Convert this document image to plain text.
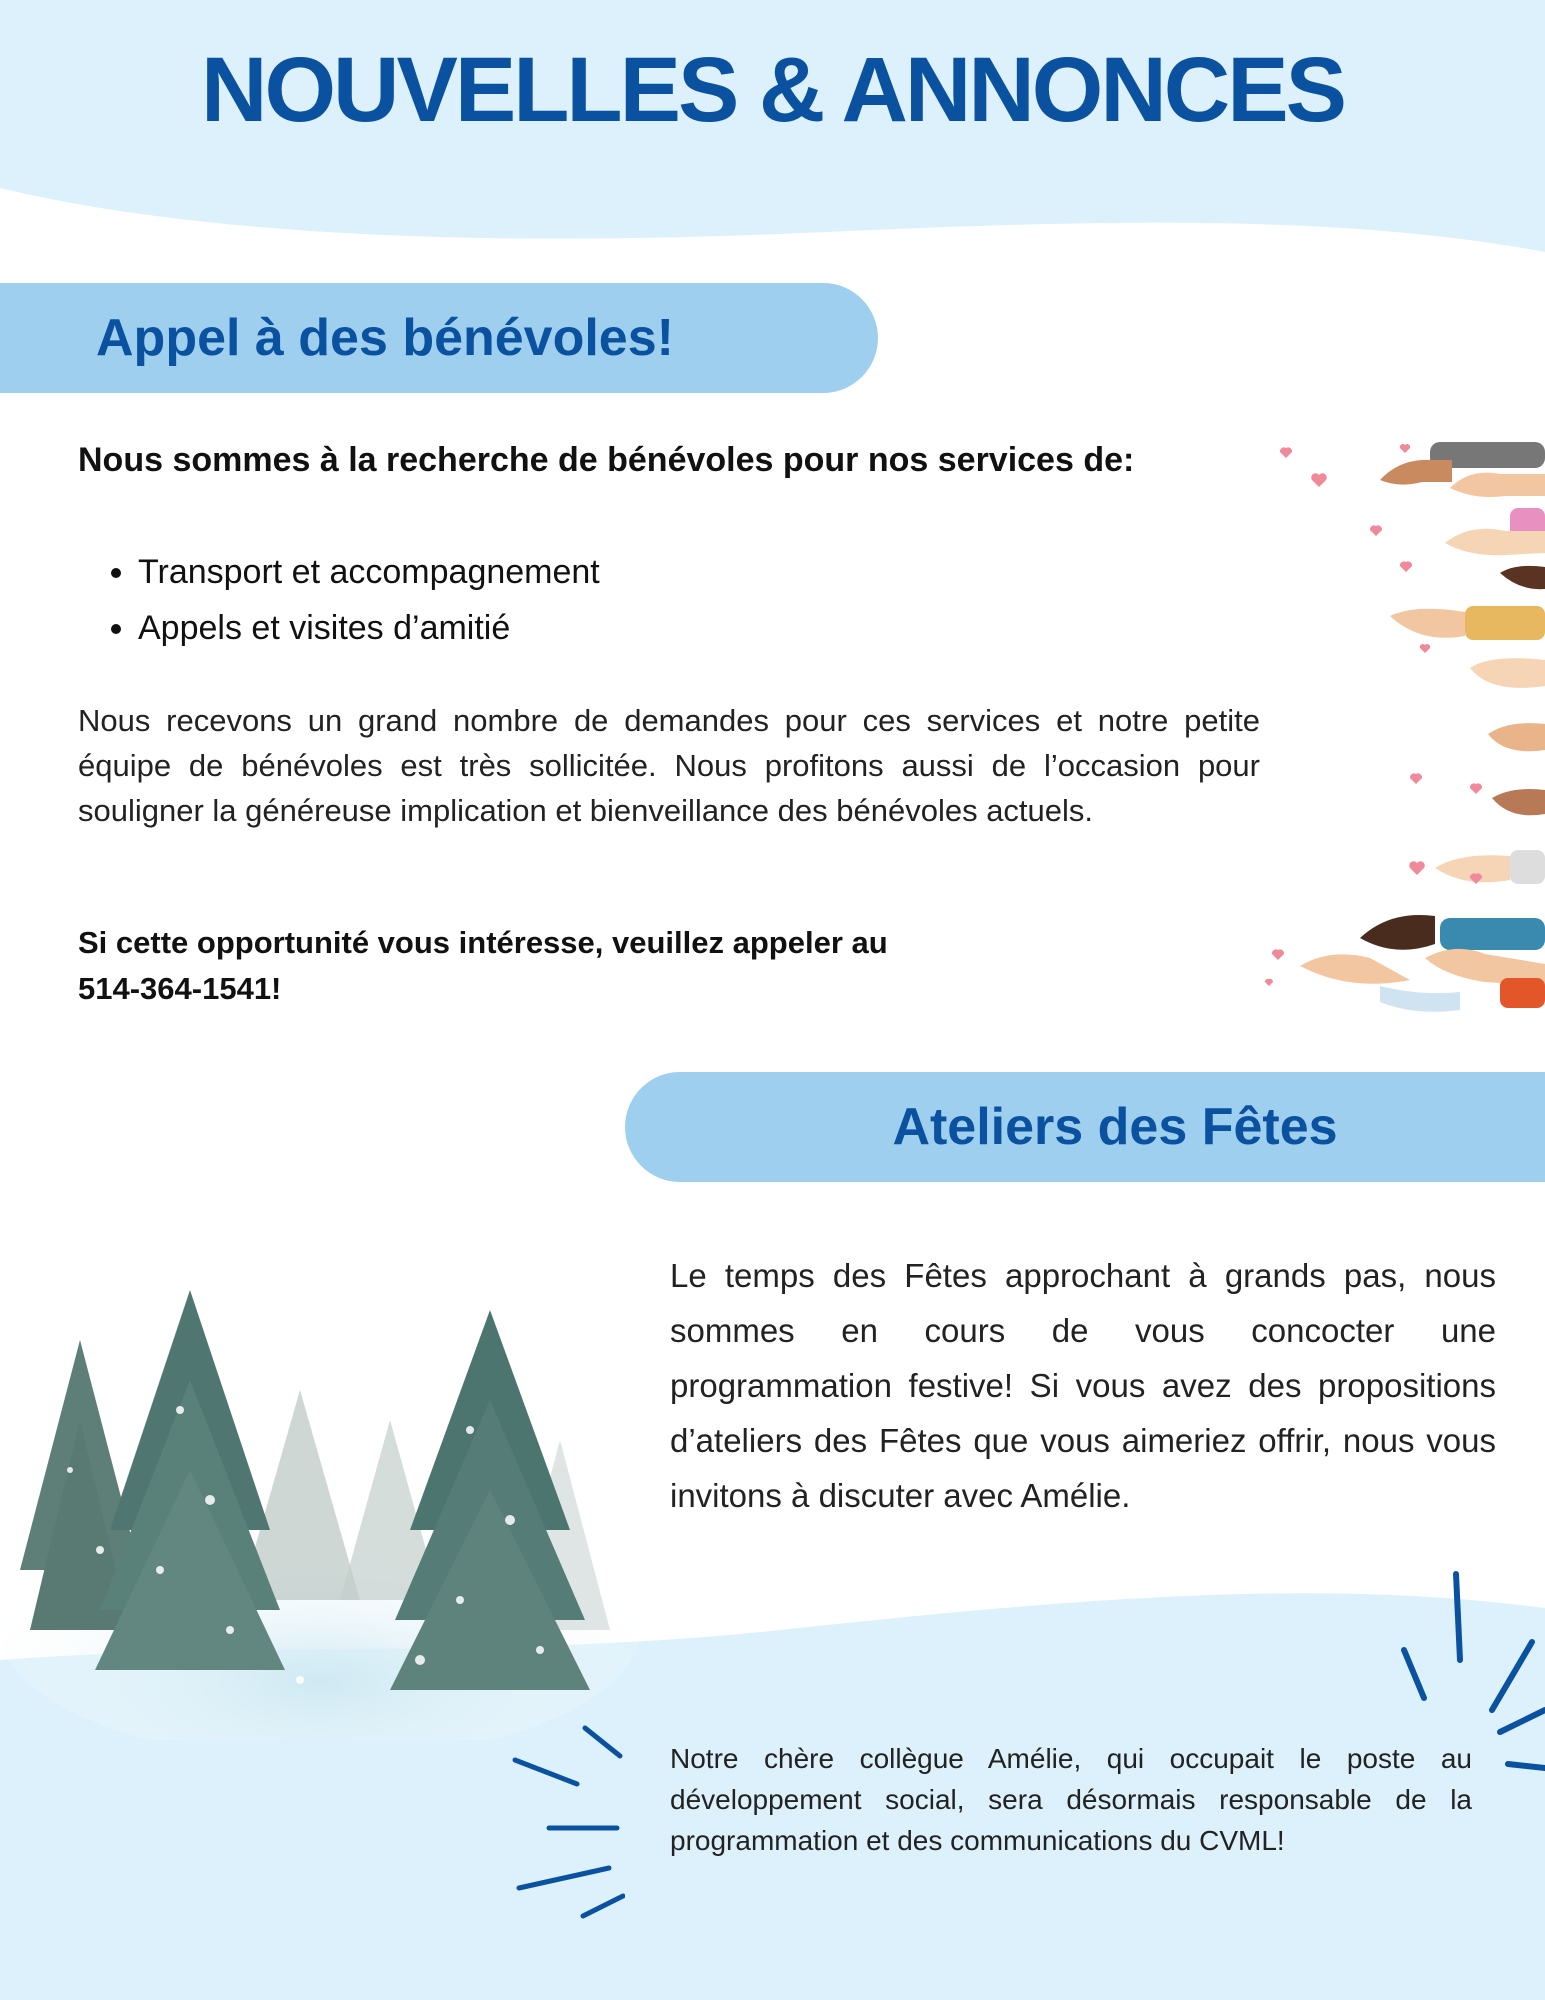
NOUVELLES & ANNONCES
Appel à des bénévoles!

Nous sommes à la recherche de bénévoles pour nos services de:

• Transport et accompagnement
• Appels et visites d’amitié

Nous recevons un grand nombre de demandes pour ces services et notre petite équipe de bénévoles est très sollicitée. Nous profitons aussi de l’occasion pour souligner la généreuse implication et bienveillance des bénévoles actuels.

Si cette opportunité vous intéresse, veuillez appeler au
514-364-1541!

Ateliers des Fêtes

Le temps des Fêtes approchant à grands pas, nous sommes en cours de vous concocter une programmation festive! Si vous avez des propositions d’ateliers des Fêtes que vous aimeriez offrir, nous vous invitons à discuter avec Amélie.

Notre chère collègue Amélie, qui occupait le poste au développement social, sera désormais responsable de la programmation et des communications du CVML!
